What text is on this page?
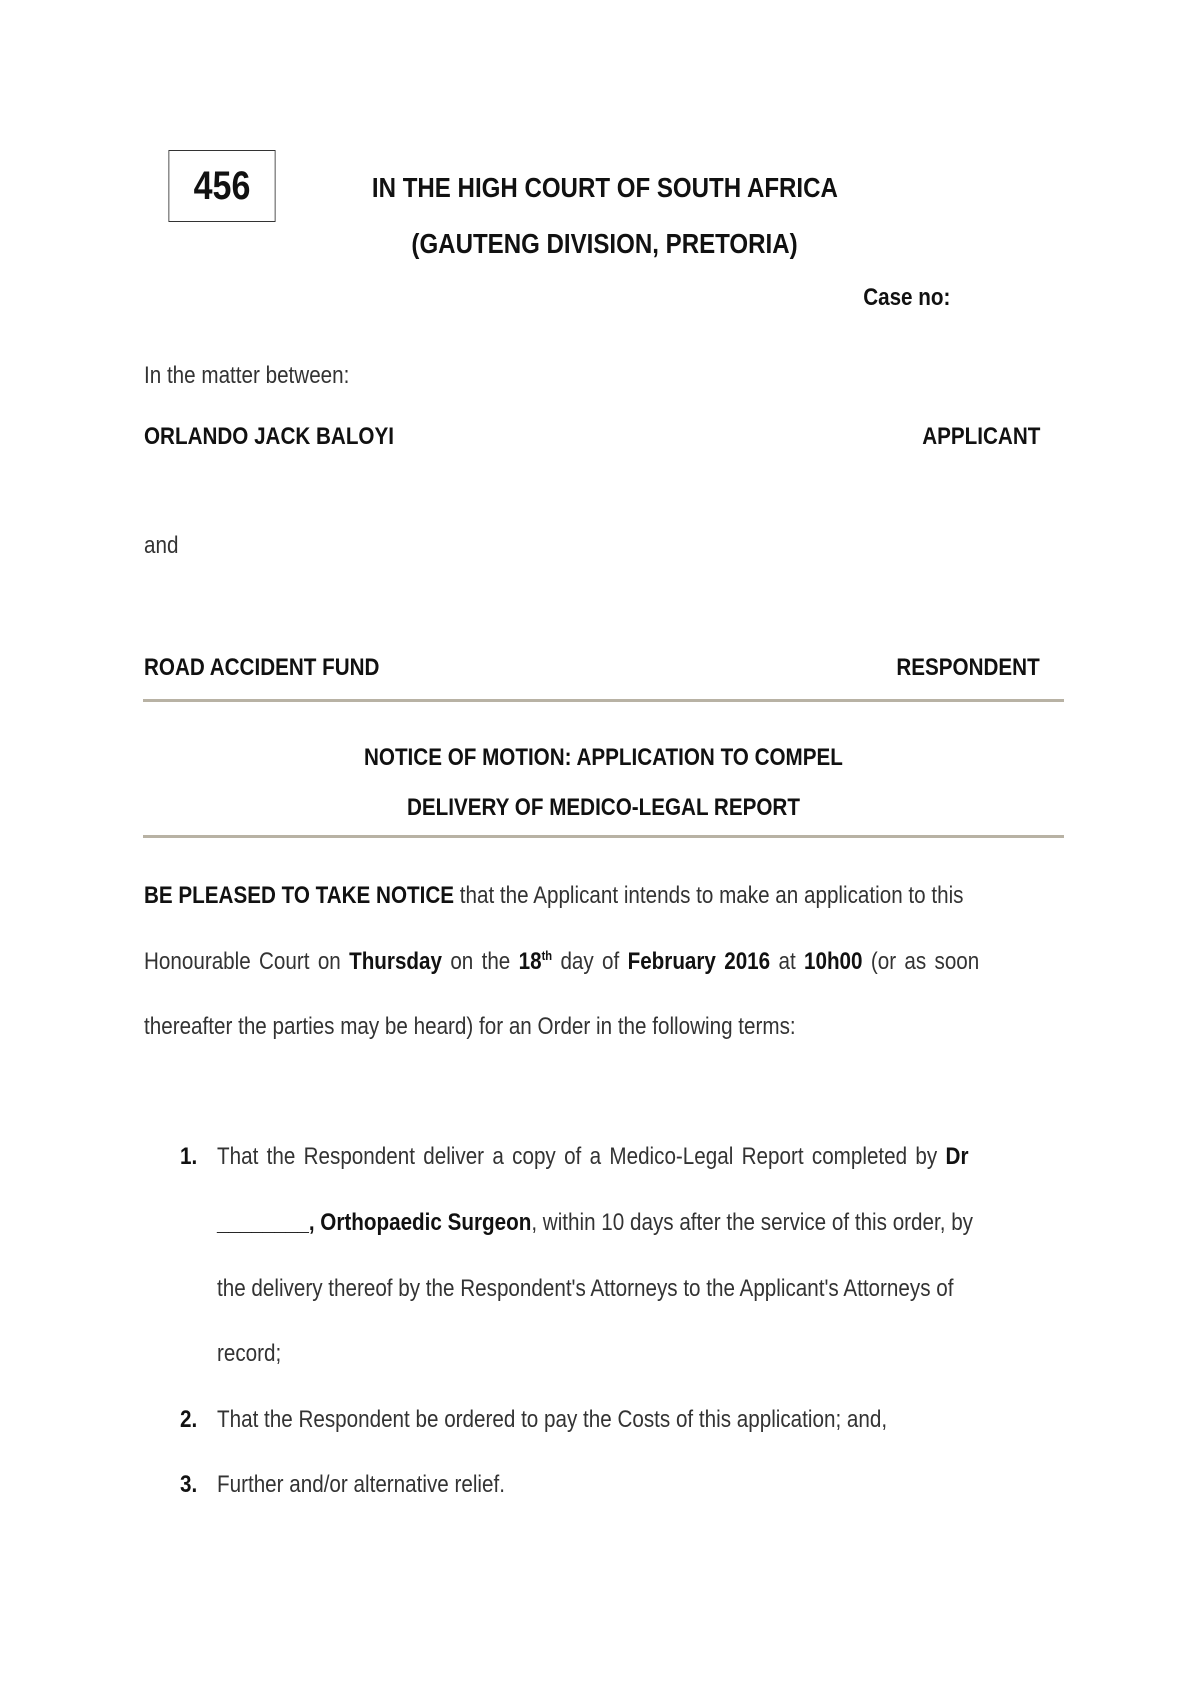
456	IN THE HIGH COURT OF SOUTH AFRICA
(GAUTENG DIVISION, PRETORIA)
Case no:
In the matter between:
ORLANDO JACK BALOYI	APPLICANT
and
ROAD ACCIDENT FUND	RESPONDENT
NOTICE OF MOTION: APPLICATION TO COMPEL
DELIVERY OF MEDICO-LEGAL REPORT
BE PLEASED TO TAKE NOTICE that the Applicant intends to make an application to this
Honourable Court on Thursday on the 18th day of February 2016 at 10h00 (or as soon
thereafter the parties may be heard) for an Order in the following terms:
1. That the Respondent deliver a copy of a Medico-Legal Report completed by Dr
________, Orthopaedic Surgeon, within 10 days after the service of this order, by
the delivery thereof by the Respondent's Attorneys to the Applicant's Attorneys of
record;
2. That the Respondent be ordered to pay the Costs of this application; and,
3. Further and/or alternative relief.
